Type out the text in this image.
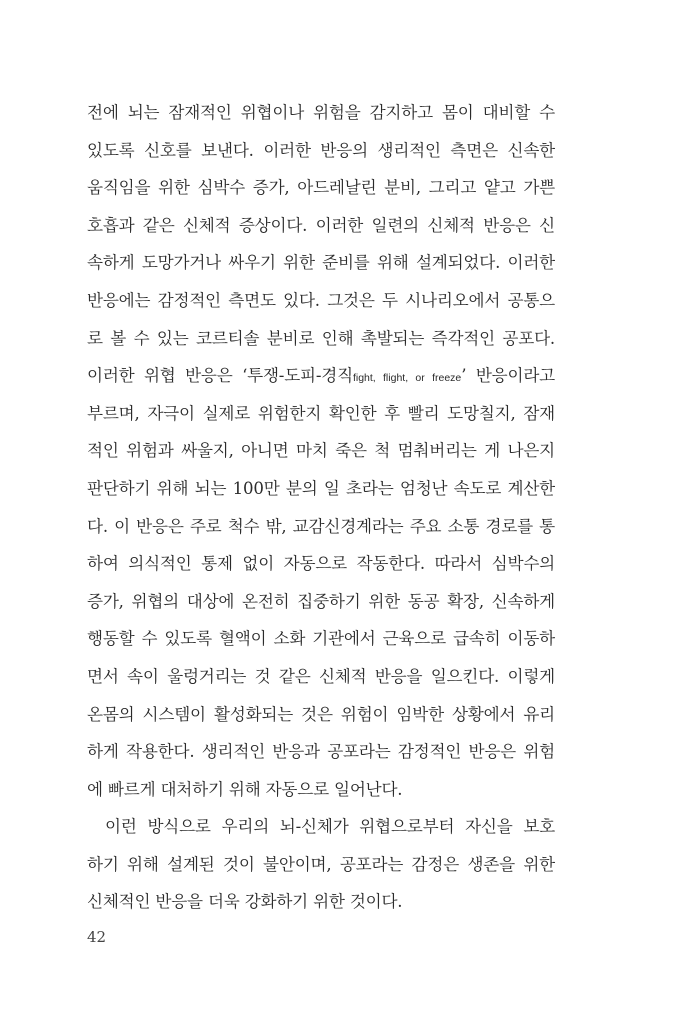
전에 뇌는 잠재적인 위협이나 위험을 감지하고 몸이 대비할 수
있도록 신호를 보낸다. 이러한 반응의 생리적인 측면은 신속한
움직임을 위한 심박수 증가, 아드레날린 분비, 그리고 얕고 가쁜
호흡과 같은 신체적 증상이다. 이러한 일련의 신체적 반응은 신
속하게 도망가거나 싸우기 위한 준비를 위해 설계되었다. 이러한
반응에는 감정적인 측면도 있다. 그것은 두 시나리오에서 공통으
로 볼 수 있는 코르티솔 분비로 인해 촉발되는 즉각적인 공포다.
이러한 위협 반응은 ‘투쟁-도피-경직fight, flight, or freeze’ 반응이라고
부르며, 자극이 실제로 위험한지 확인한 후 빨리 도망칠지, 잠재
적인 위험과 싸울지, 아니면 마치 죽은 척 멈춰버리는 게 나은지
판단하기 위해 뇌는 100만 분의 일 초라는 엄청난 속도로 계산한
다. 이 반응은 주로 척수 밖, 교감신경계라는 주요 소통 경로를 통
하여 의식적인 통제 없이 자동으로 작동한다. 따라서 심박수의
증가, 위협의 대상에 온전히 집중하기 위한 동공 확장, 신속하게
행동할 수 있도록 혈액이 소화 기관에서 근육으로 급속히 이동하
면서 속이 울렁거리는 것 같은 신체적 반응을 일으킨다. 이렇게
온몸의 시스템이 활성화되는 것은 위험이 임박한 상황에서 유리
하게 작용한다. 생리적인 반응과 공포라는 감정적인 반응은 위험
에 빠르게 대처하기 위해 자동으로 일어난다.
이런 방식으로 우리의 뇌-신체가 위협으로부터 자신을 보호
하기 위해 설계된 것이 불안이며, 공포라는 감정은 생존을 위한
신체적인 반응을 더욱 강화하기 위한 것이다.
42
